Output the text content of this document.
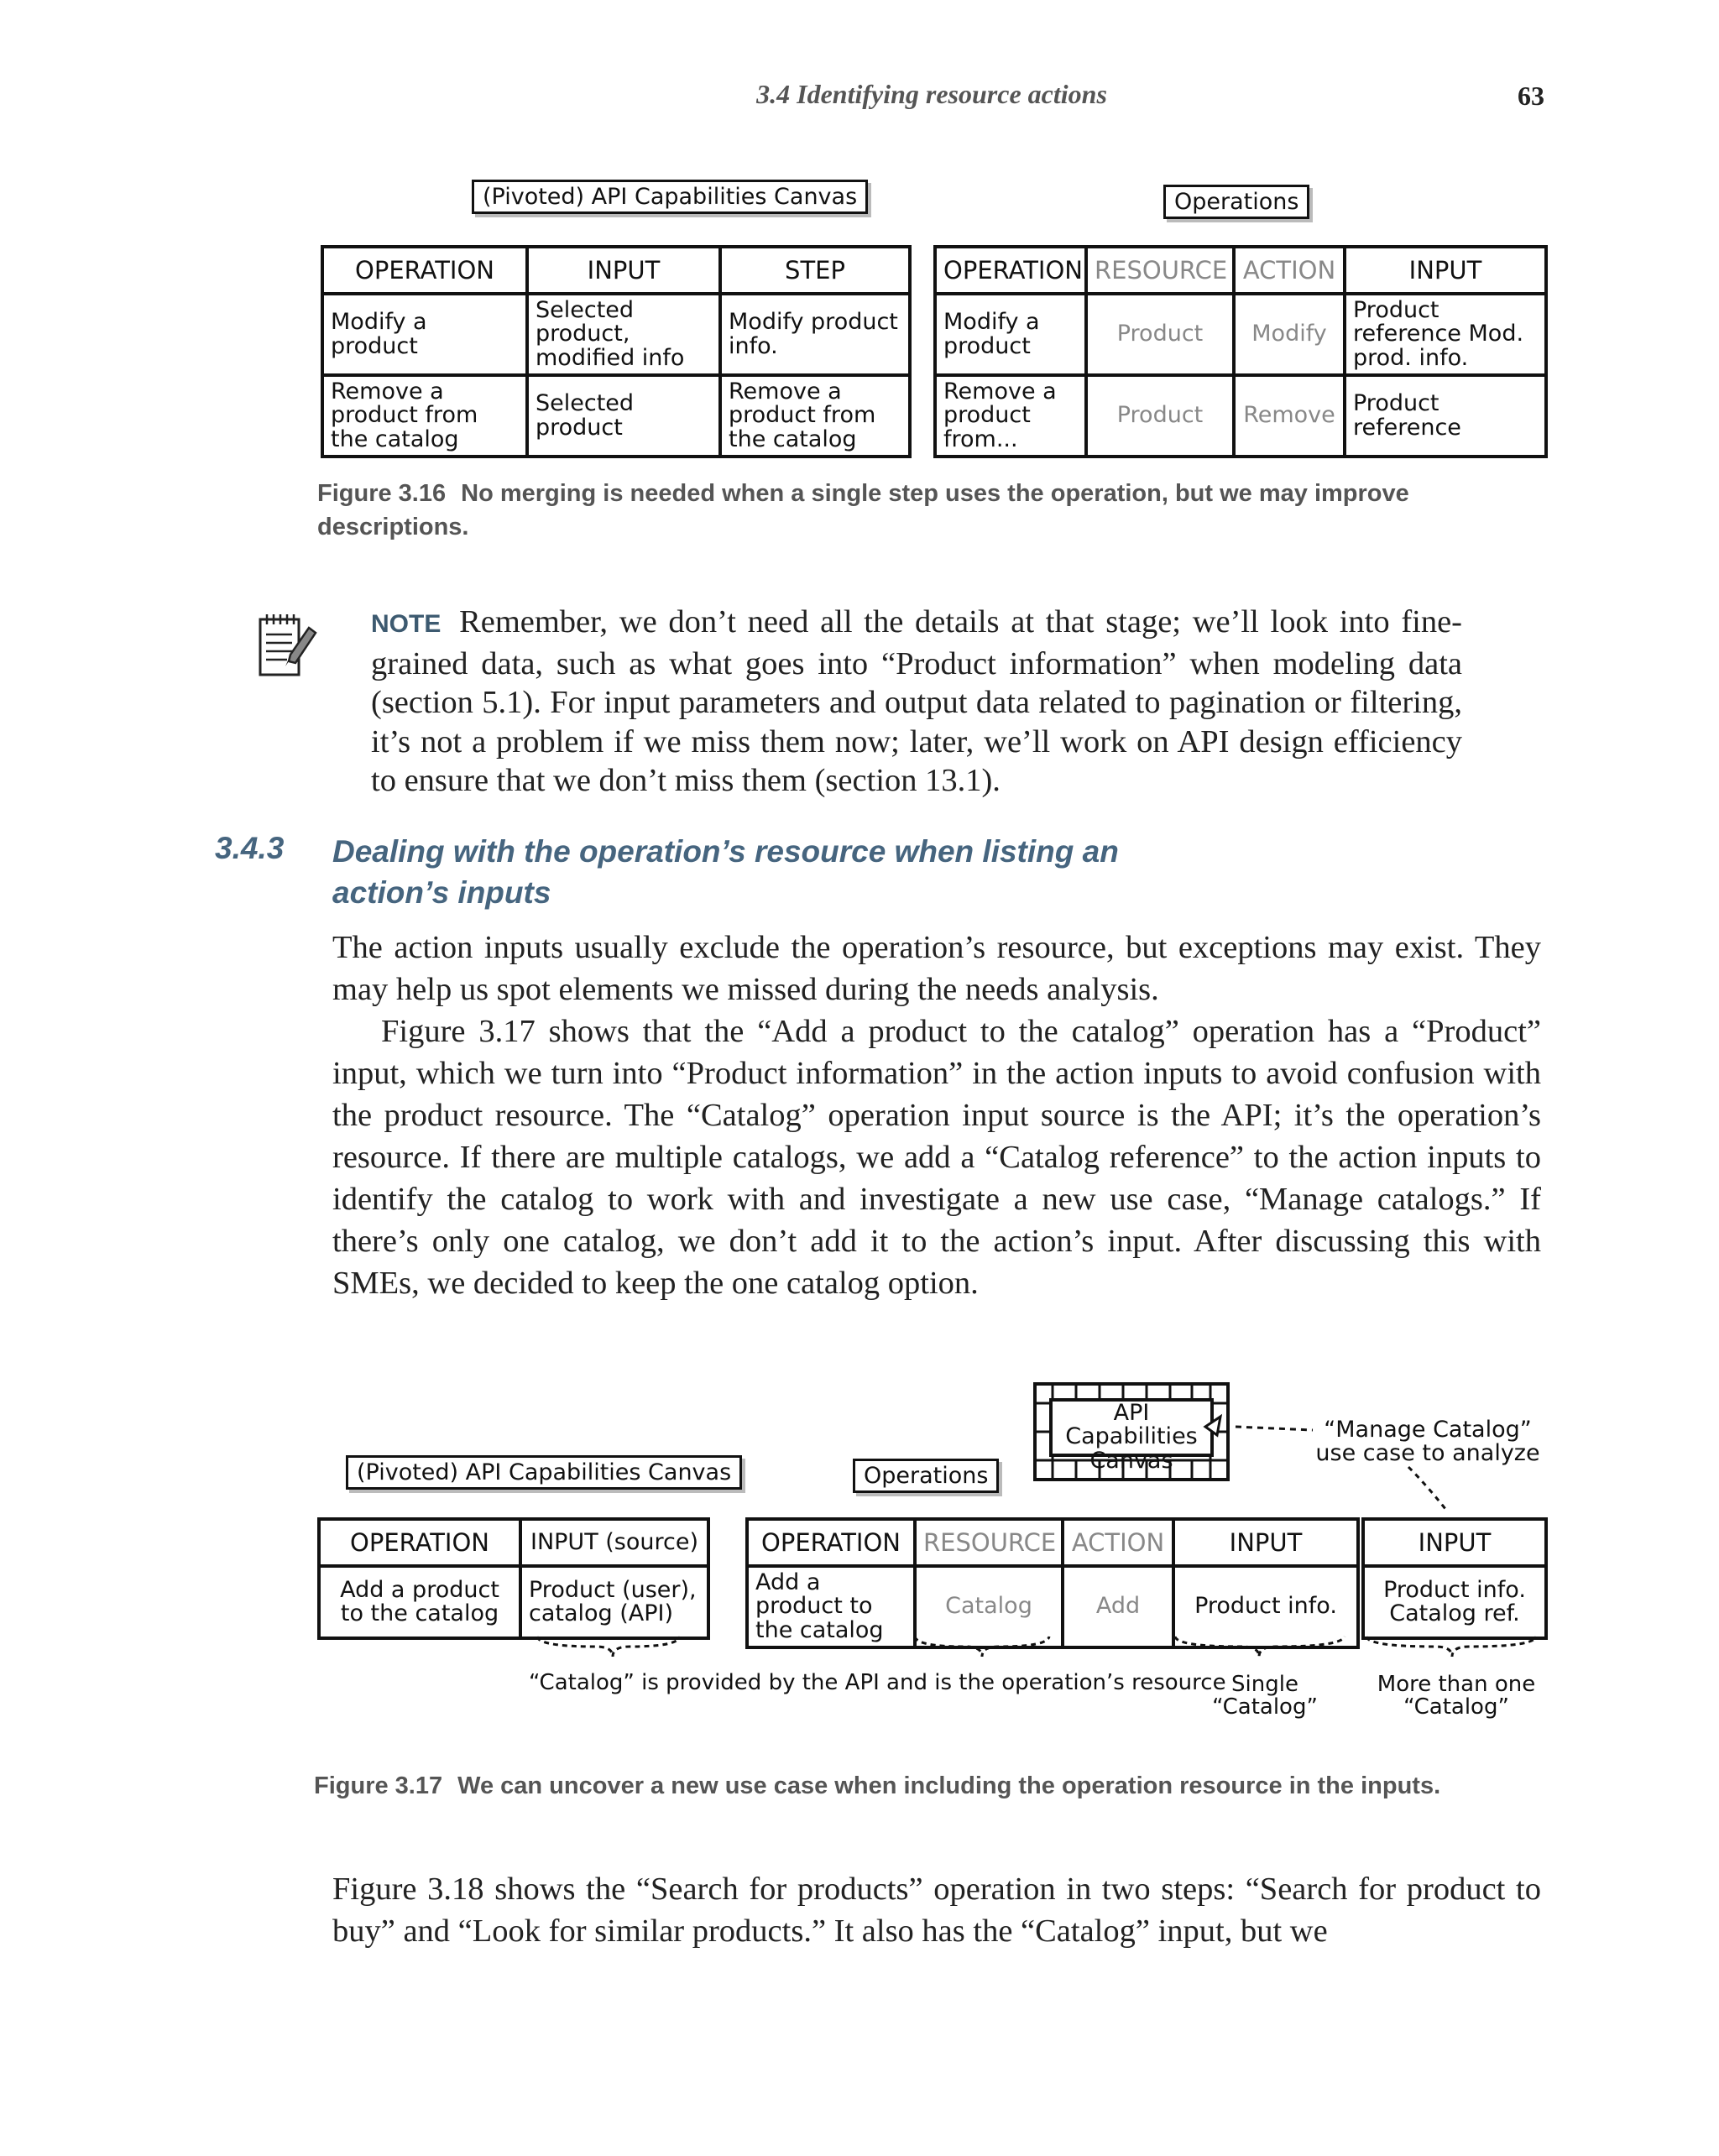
3.4 Identifying resource actions	63
(Pivoted) API Capabilities Canvas	Operations
OPERATION	INPUT	STEP
Modify a product	Selected product, modified info	Modify product info.
Remove a product from the catalog	Selected product	Remove a product from the catalog
OPERATION	RESOURCE	ACTION	INPUT
Modify a product	Product	Modify	Product reference Mod. prod. info.
Remove a product from...	Product	Remove	Product reference
Figure 3.16 No merging is needed when a single step uses the operation, but we may improve descriptions.
NOTE Remember, we don’t need all the details at that stage; we’ll look into fine-grained data, such as what goes into “Product information” when modeling data (section 5.1). For input parameters and output data related to pagination or filtering, it’s not a problem if we miss them now; later, we’ll work on API design efficiency to ensure that we don’t miss them (section 13.1).
3.4.3 Dealing with the operation’s resource when listing an action’s inputs
The action inputs usually exclude the operation’s resource, but exceptions may exist. They may help us spot elements we missed during the needs analysis.
Figure 3.17 shows that the “Add a product to the catalog” operation has a “Product” input, which we turn into “Product information” in the action inputs to avoid confusion with the product resource. The “Catalog” operation input source is the API; it’s the operation’s resource. If there are multiple catalogs, we add a “Catalog reference” to the action inputs to identify the catalog to work with and investigate a new use case, “Manage catalogs.” If there’s only one catalog, we don’t add it to the action’s input. After discussing this with SMEs, we decided to keep the one catalog option.
API Capabilities Canvas
“Manage Catalog” use case to analyze
(Pivoted) API Capabilities Canvas	Operations
OPERATION	INPUT (source)
Add a product to the catalog	Product (user), catalog (API)
OPERATION	RESOURCE	ACTION	INPUT
Add a product to the catalog	Catalog	Add	Product info.
INPUT
Product info. Catalog ref.
“Catalog” is provided by the API and is the operation’s resource Single “Catalog”
More than one “Catalog”
Figure 3.17 We can uncover a new use case when including the operation resource in the inputs.
Figure 3.18 shows the “Search for products” operation in two steps: “Search for product to buy” and “Look for similar products.” It also has the “Catalog” input, but we
